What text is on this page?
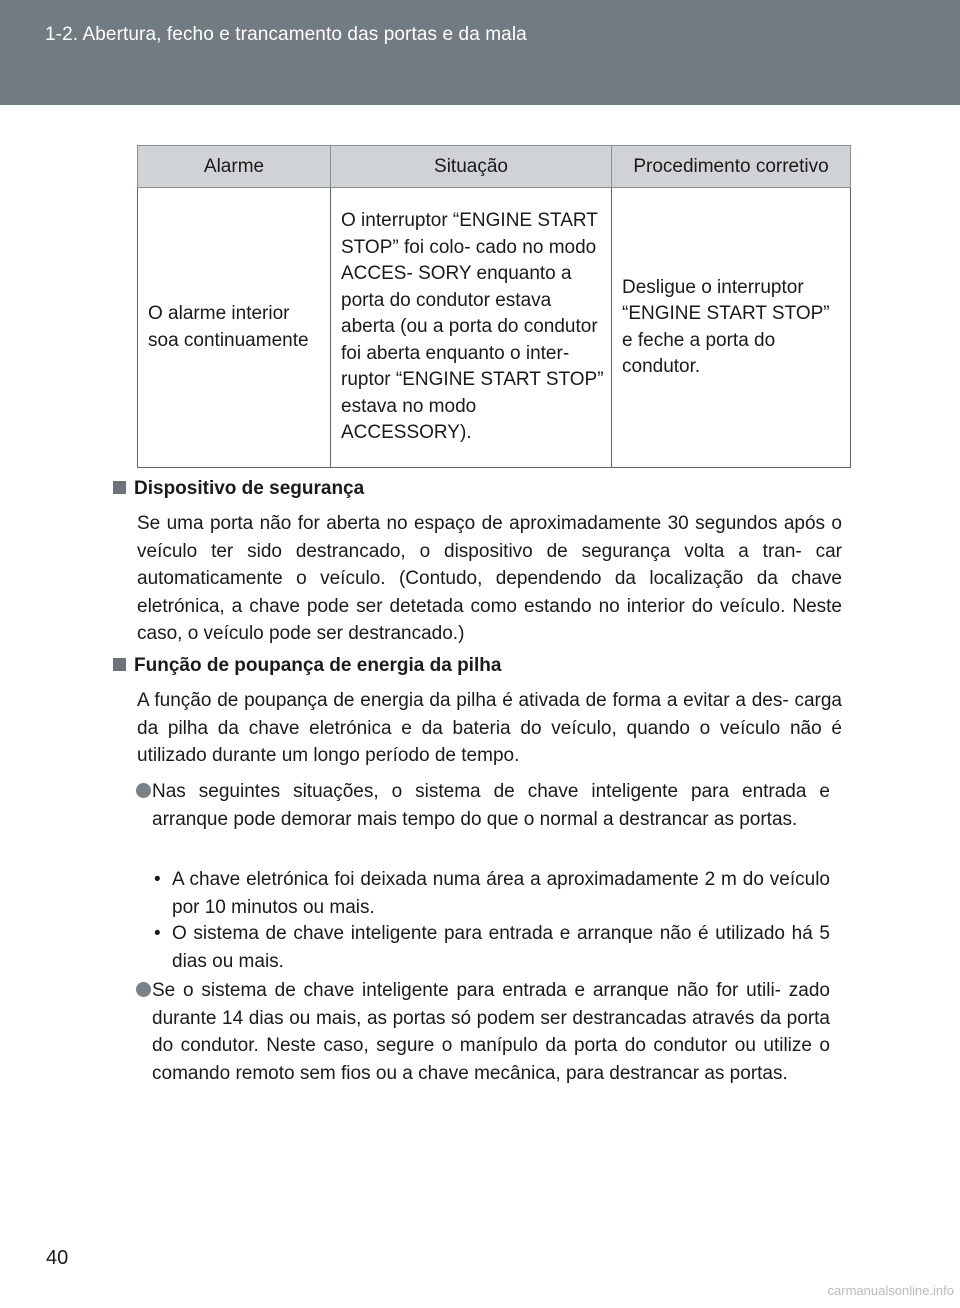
1-2. Abertura, fecho e trancamento das portas e da mala
Alarme	Situação	Procedimento corretivo
O alarme interior soa continuamente	O interruptor “ENGINE START STOP” foi colo- cado no modo ACCES- SORY enquanto a porta do condutor estava aberta (ou a porta do condutor foi aberta enquanto o inter- ruptor “ENGINE START STOP” estava no modo ACCESSORY).	Desligue o interruptor “ENGINE START STOP” e feche a porta do condutor.
Dispositivo de segurança
Se uma porta não for aberta no espaço de aproximadamente 30 segundos após o veículo ter sido destrancado, o dispositivo de segurança volta a tran- car automaticamente o veículo. (Contudo, dependendo da localização da chave eletrónica, a chave pode ser detetada como estando no interior do veículo. Neste caso, o veículo pode ser destrancado.)
Função de poupança de energia da pilha
A função de poupança de energia da pilha é ativada de forma a evitar a des- carga da pilha da chave eletrónica e da bateria do veículo, quando o veículo não é utilizado durante um longo período de tempo.
Nas seguintes situações, o sistema de chave inteligente para entrada e arranque pode demorar mais tempo do que o normal a destrancar as portas.
• A chave eletrónica foi deixada numa área a aproximadamente 2 m do veículo por 10 minutos ou mais.
• O sistema de chave inteligente para entrada e arranque não é utilizado há 5 dias ou mais.
Se o sistema de chave inteligente para entrada e arranque não for utili- zado durante 14 dias ou mais, as portas só podem ser destrancadas através da porta do condutor. Neste caso, segure o manípulo da porta do condutor ou utilize o comando remoto sem fios ou a chave mecânica, para destrancar as portas.
40
carmanualsonline.info
